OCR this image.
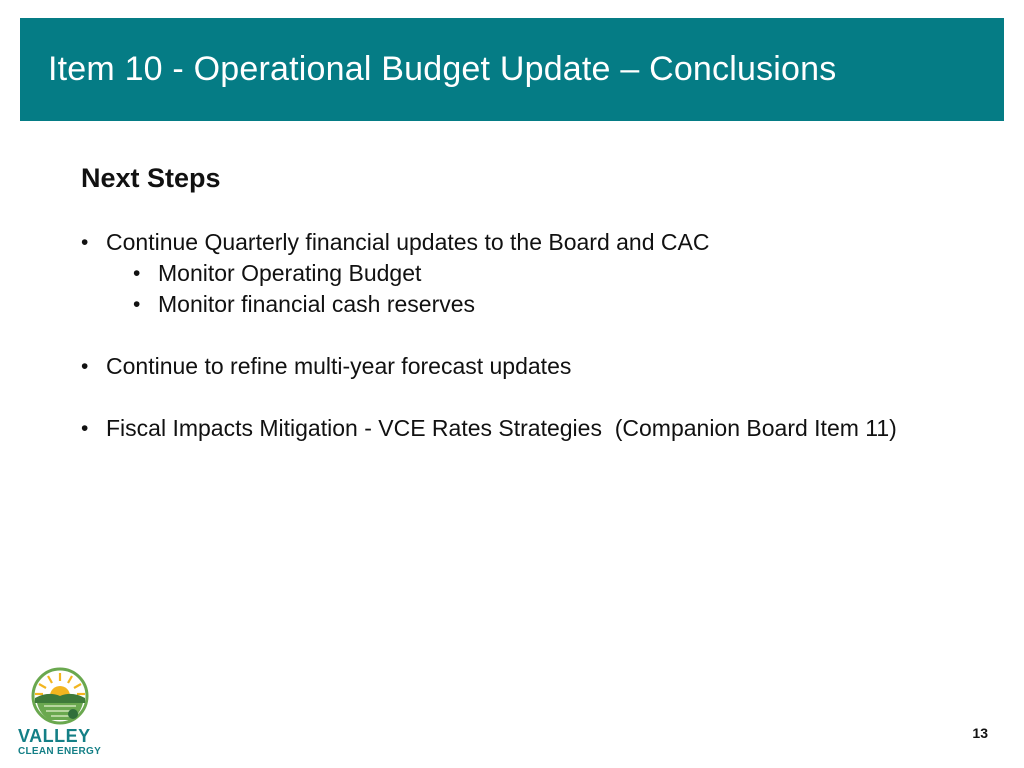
Item 10 - Operational Budget Update – Conclusions
Next Steps
• Continue Quarterly financial updates to the Board and CAC
• Monitor Operating Budget
• Monitor financial cash reserves
• Continue to refine multi-year forecast updates
• Fiscal Impacts Mitigation - VCE Rates Strategies  (Companion Board Item 11)
VALLEY
CLEAN ENERGY
13
